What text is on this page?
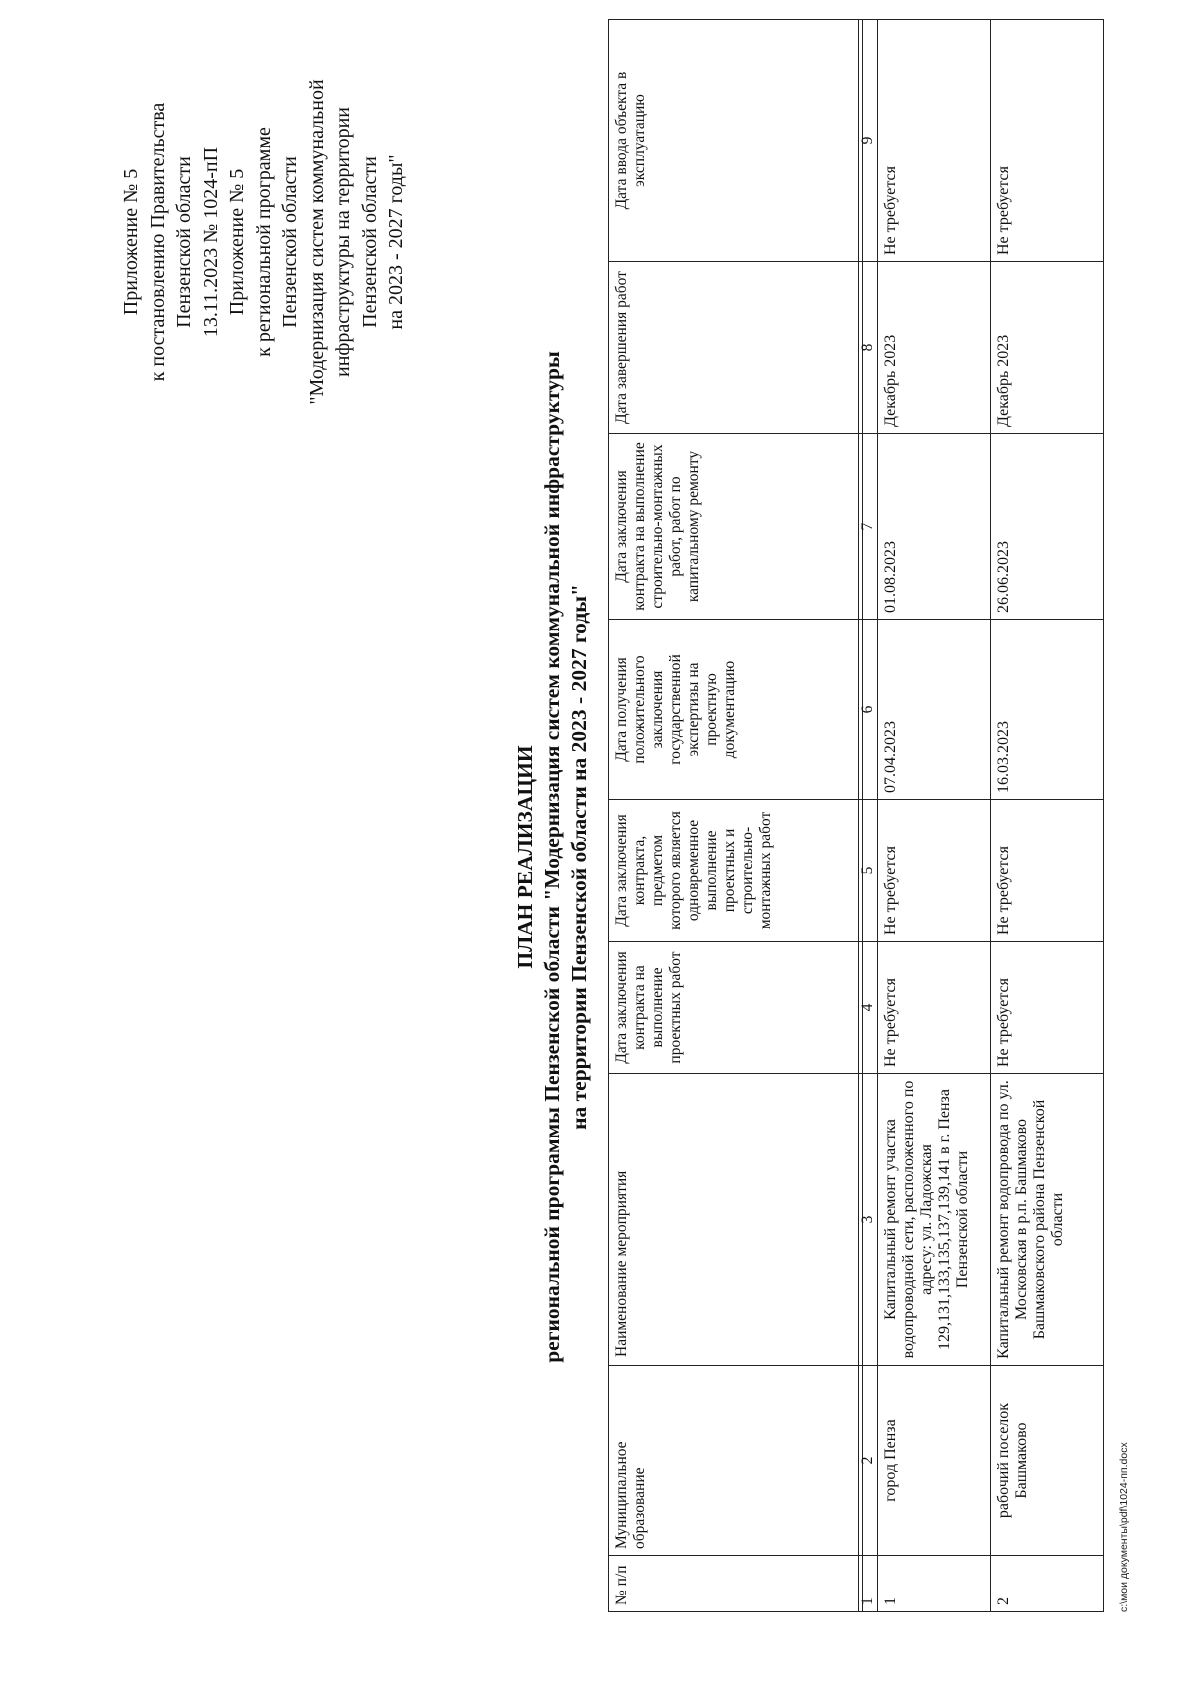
Приложение № 5 к постановлению Правительства Пензенской области 13.11.2023 № 1024-пП Приложение № 5 к региональной программе Пензенской области "Модернизация систем коммунальной инфраструктуры на территории Пензенской области на 2023 - 2027 годы"
ПЛАН РЕАЛИЗАЦИИ региональной программы Пензенской области "Модернизация систем коммунальной инфраструктуры на территории Пензенской области на 2023 - 2027 годы"
№ п/п	Муниципальное образование	Наименование мероприятия	Дата заключения контракта на выполнение проектных работ	Дата заключения контракта, предметом которого является одновременное выполнение проектных и строительно-монтажных работ	Дата получения положительного заключения государственной экспертизы на проектную документацию	Дата заключения контракта на выполнение строительно-монтажных работ, работ по капитальному ремонту	Дата завершения работ	Дата ввода объекта в эксплуатацию
1	2	3	4	5	6	7	8	9
1	город Пенза	Капитальный ремонт участка водопроводной сети, расположенного по адресу: ул. Ладожская 129,131,133,135,137,139,141 в г. Пенза Пензенской области	Не требуется	Не требуется	07.04.2023	01.08.2023	Декабрь 2023	Не требуется
2	рабочий поселок Башмаково	Капитальный ремонт водопровода по ул. Московская в р.п. Башмаково Башмаковского района Пензенской области	Не требуется	Не требуется	16.03.2023	26.06.2023	Декабрь 2023	Не требуется
c:\мои документы\pdf\1024-пп.docx
